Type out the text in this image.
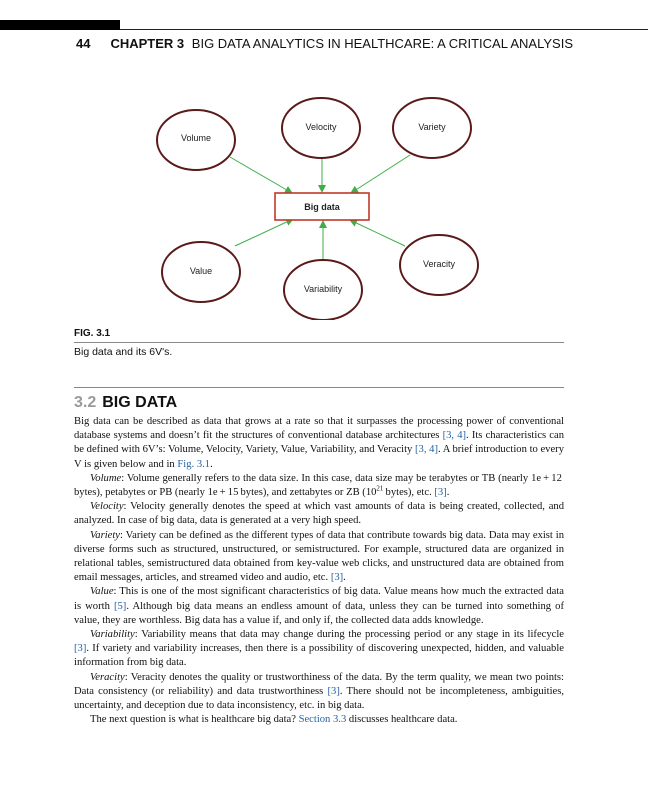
44 CHAPTER 3 BIG DATA ANALYTICS IN HEALTHCARE: A CRITICAL ANALYSIS
Volume
Velocity	Variety
Value
Variability
Veracity
Big data
FIG. 3.1
Big data and its 6V's.
3.2 BIG DATA

Big data can be described as data that grows at a rate so that it surpasses the processing power of conventional database systems and doesn’t fit the structures of conventional database architectures [3, 4]. Its characteristics can be defined with 6V’s: Volume, Velocity, Variety, Value, Variability, and Veracity [3, 4]. A brief introduction to every V is given below and in Fig. 3.1.

Volume: Volume generally refers to the data size. In this case, data size may be terabytes or TB (nearly 1e + 12 bytes), petabytes or PB (nearly 1e + 15 bytes), and zettabytes or ZB ($10^{21}$ bytes), etc. [3].

Velocity: Velocity generally denotes the speed at which vast amounts of data is being created, collected, and analyzed. In case of big data, data is generated at a very high speed.

Variety: Variety can be defined as the different types of data that contribute towards big data. Data may exist in diverse forms such as structured, unstructured, or semistructured. For example, structured data are organized in relational tables, semistructured data obtained from key-value web clicks, and unstructured data are obtained from email messages, articles, and streamed video and audio, etc. [3].

Value: This is one of the most significant characteristics of big data. Value means how much the extracted data is worth [5]. Although big data means an endless amount of data, unless they can be turned into something of value, they are worthless. Big data has a value if, and only if, the collected data adds knowledge.

Variability: Variability means that data may change during the processing period or any stage in its lifecycle [3]. If variety and variability increases, then there is a possibility of discovering unexpected, hidden, and valuable information from big data.

Veracity: Veracity denotes the quality or trustworthiness of the data. By the term quality, we mean two points: Data consistency (or reliability) and data trustworthiness [3]. There should not be incompleteness, ambiguities, uncertainty, and deception due to data inconsistency, etc. in big data.

The next question is what is healthcare big data? Section 3.3 discusses healthcare data.
